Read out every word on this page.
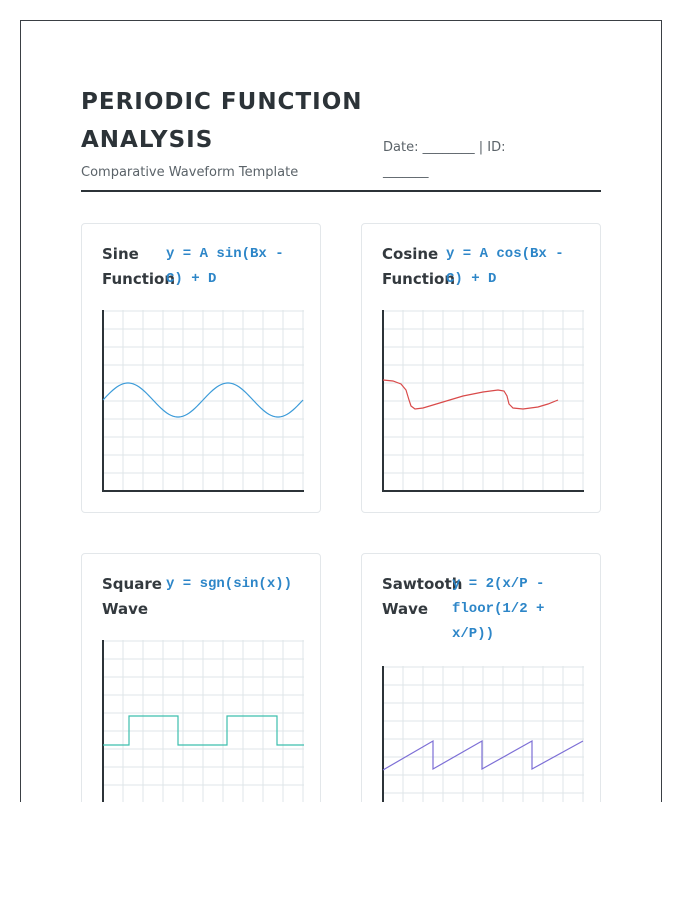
PERIODIC FUNCTION ANALYSIS
Comparative Waveform Template
Date: ________ | ID: _______
Sine Function
y = A sin(Bx - C) + D
Cosine Function
y = A cos(Bx - C) + D
Square Wave
y = sgn(sin(x))	Sawtooth Wave
y = 2(x/P - floor(1/2 + x/P))
